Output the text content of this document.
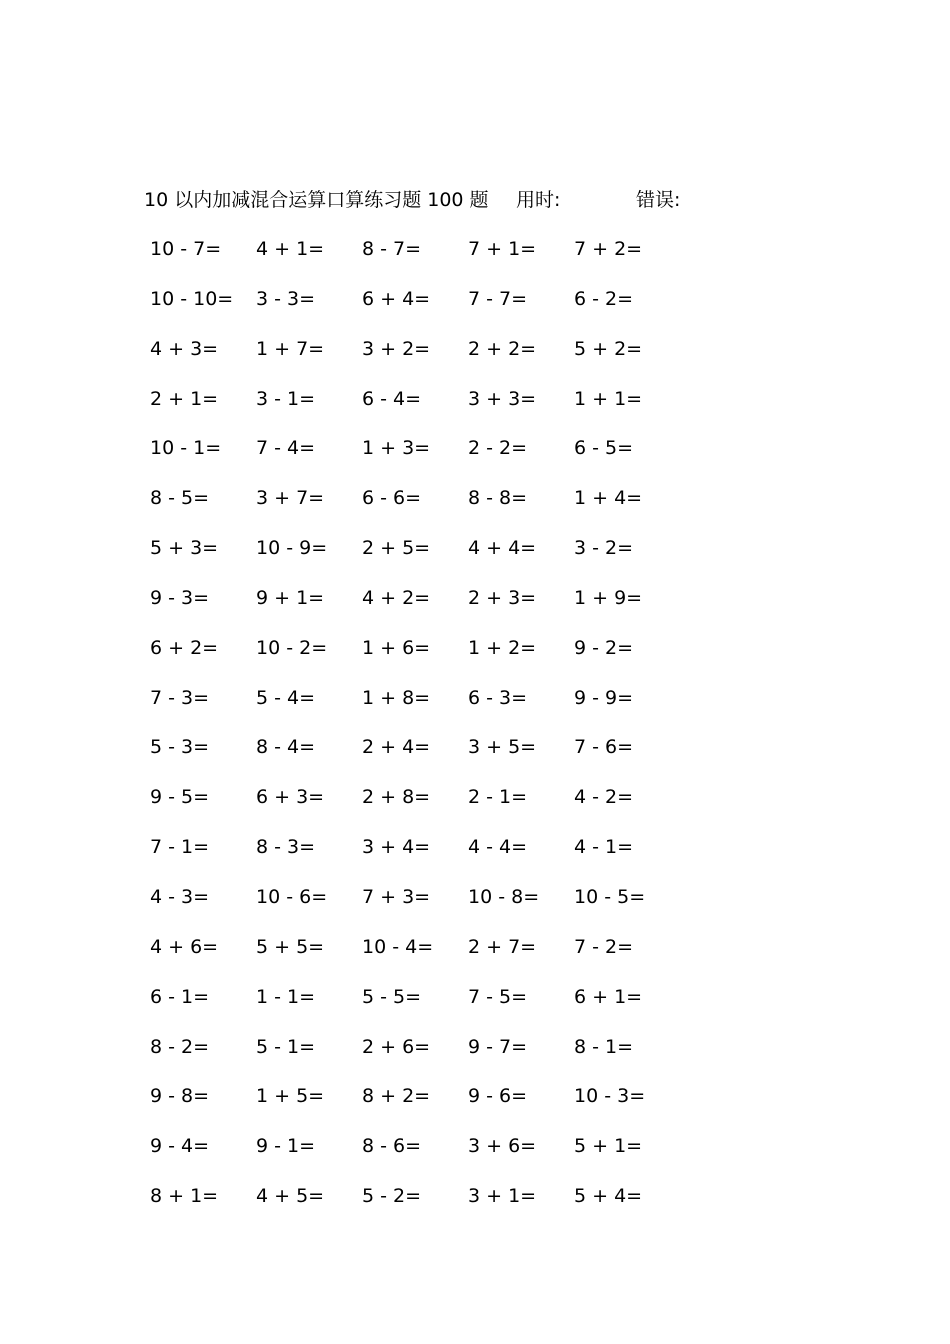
10 以内加减混合运算口算练习题 100 题 用时:	错误:
10 - 7= 4 + 1= 8 - 7= 7 + 1= 7 + 2=
10 - 10= 3 - 3= 6 + 4= 7 - 7= 6 - 2=
4 + 3= 1 + 7= 3 + 2= 2 + 2= 5 + 2=
2 + 1= 3 - 1= 6 - 4= 3 + 3= 1 + 1=
10 - 1= 7 - 4= 1 + 3= 2 - 2= 6 - 5=
8 - 5= 3 + 7= 6 - 6= 8 - 8= 1 + 4=
5 + 3= 10 - 9= 2 + 5= 4 + 4= 3 - 2=
9 - 3= 9 + 1= 4 + 2= 2 + 3= 1 + 9=
6 + 2= 10 - 2= 1 + 6= 1 + 2= 9 - 2=
7 - 3= 5 - 4= 1 + 8= 6 - 3= 9 - 9=
5 - 3= 8 - 4= 2 + 4= 3 + 5= 7 - 6=
9 - 5= 6 + 3= 2 + 8= 2 - 1= 4 - 2=
7 - 1= 8 - 3= 3 + 4= 4 - 4= 4 - 1=
4 - 3= 10 - 6= 7 + 3= 10 - 8= 10 - 5=
4 + 6= 5 + 5= 10 - 4= 2 + 7= 7 - 2=
6 - 1= 1 - 1= 5 - 5= 7 - 5= 6 + 1=
8 - 2= 5 - 1= 2 + 6= 9 - 7= 8 - 1=
9 - 8= 1 + 5= 8 + 2= 9 - 6= 10 - 3=
9 - 4= 9 - 1= 8 - 6= 3 + 6= 5 + 1=
8 + 1= 4 + 5= 5 - 2= 3 + 1= 5 + 4=
